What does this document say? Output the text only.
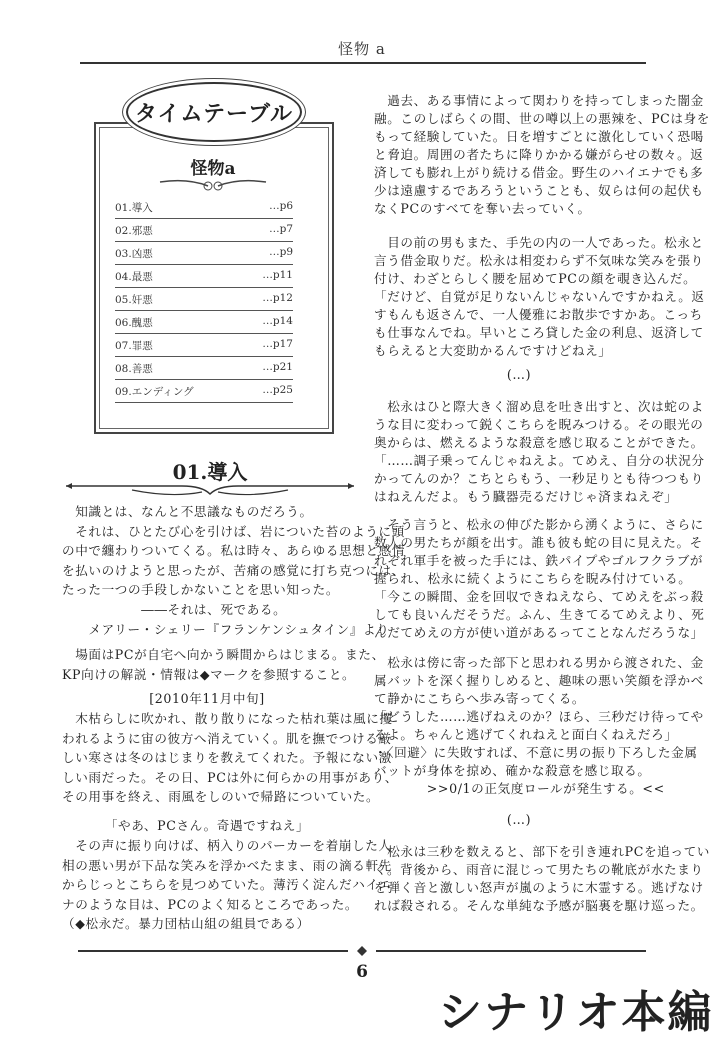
怪物 a
タイムテーブル
怪物a
01.導入	…p6
02.邪悪	…p7
03.凶悪	…p9
04.最悪	…p11
05.奸悪	…p12
06.醜悪	…p14
07.罪悪	…p17
08.善悪	…p21
09.エンディング	…p25
01.導入
　知識とは、なんと不思議なものだろう。
　それは、ひとたび心を引けば、岩についた苔のように頭
の中で纏わりついてくる。私は時々、あらゆる思想と感情
を払いのけようと思ったが、苦痛の感覚に打ち克つには、
たった一つの手段しかないことを思い知った。
　　　　　　――それは、死である。
　　メアリー・シェリー『フランケンシュタイン』より
　場面はPCが自宅へ向かう瞬間からはじまる。また、
KP向けの解説・情報は◆マークを参照すること。
[2010年11月中旬]
　木枯らしに吹かれ、散り散りになった枯れ葉は風に攫
われるように宙の彼方へ消えていく。肌を撫でつける厳
しい寒さは冬のはじまりを教えてくれた。予報にない激
しい雨だった。その日、PCは外に何らかの用事があり、
その用事を終え、雨風をしのいで帰路についていた。
「やあ、PCさん。奇遇ですねえ」
　その声に振り向けば、柄入りのパーカーを着崩した人
相の悪い男が下品な笑みを浮かべたまま、雨の滴る軒先
からじっとこちらを見つめていた。薄汚く淀んだハイエ
ナのような目は、PCのよく知るところであった。
（◆松永だ。暴力団枯山組の組員である）
　過去、ある事情によって関わりを持ってしまった闇金
融。このしばらくの間、世の噂以上の悪辣を、PCは身を
もって経験していた。日を増すごとに激化していく恐喝
と脅迫。周囲の者たちに降りかかる嫌がらせの数々。返
済しても膨れ上がり続ける借金。野生のハイエナでも多
少は遠慮するであろうということも、奴らは何の起伏も
なくPCのすべてを奪い去っていく。
　目の前の男もまた、手先の内の一人であった。松永と
言う借金取りだ。松永は相変わらず不気味な笑みを張り
付け、わざとらしく腰を屈めてPCの顔を覗き込んだ。
「だけど、自覚が足りないんじゃないんですかねえ。返
すもんも返さんで、一人優雅にお散歩ですかあ。こっち
も仕事なんでね。早いところ貸した金の利息、返済して
もらえると大変助かるんですけどねえ」
(…)
　松永はひと際大きく溜め息を吐き出すと、次は蛇のよ
うな目に変わって鋭くこちらを睨みつける。その眼光の
奥からは、燃えるような殺意を感じ取ることができた。
「……調子乗ってんじゃねえよ。てめえ、自分の状況分
かってんのか？こちとらもう、一秒足りとも待つつもり
はねえんだよ。もう臓器売るだけじゃ済まねえぞ」
　そう言うと、松永の伸びた影から湧くように、さらに
数人の男たちが顔を出す。誰も彼も蛇の目に見えた。そ
れぞれ軍手を被った手には、鉄パイプやゴルフクラブが
握られ、松永に続くようにこちらを睨み付けている。
「今この瞬間、金を回収できねえなら、てめえをぶっ殺
しても良いんだそうだ。ふん、生きてるてめえより、死
んだてめえの方が使い道があるってことなんだろうな」
　松永は傍に寄った部下と思われる男から渡された、金
属バットを深く握りしめると、趣味の悪い笑顔を浮かべ
て静かにこちらへ歩み寄ってくる。
「どうした……逃げねえのか？ほら、三秒だけ待ってや
るよ。ちゃんと逃げてくれねえと面白くねえだろ」
・〈回避〉に失敗すれば、不意に男の振り下ろした金属
バットが身体を掠め、確かな殺意を感じ取る。
　　　　>>0/1の正気度ロールが発生する。<<
(…)
　松永は三秒を数えると、部下を引き連れPCを追ってい
く。背後から、雨音に混じって男たちの靴底が水たまり
を弾く音と激しい怒声が嵐のように木霊する。逃げなけ
れば殺される。そんな単純な予感が脳裏を駆け巡った。
6
シナリオ本編
